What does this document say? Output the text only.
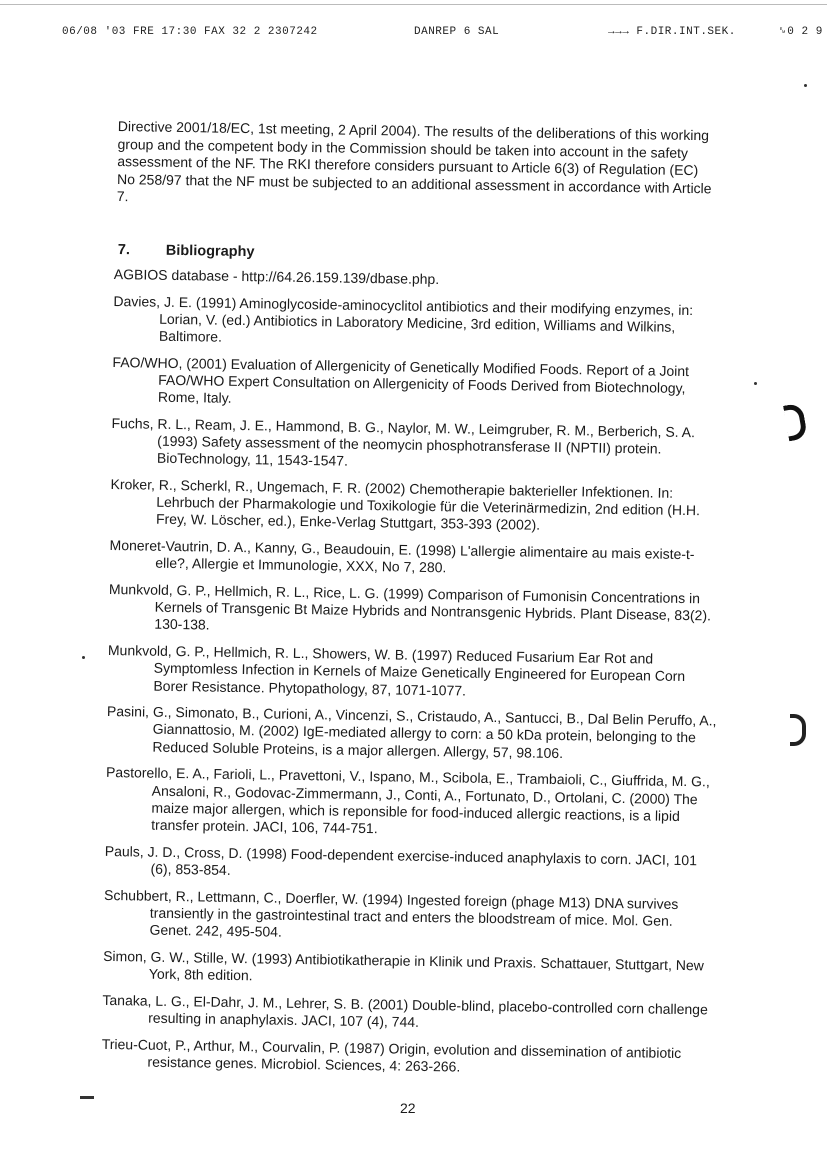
06/08 '03 FRE 17:30 FAX 32 2 2307242	DANREP 6 SAL	→→→ F.DIR.INT.SEK.	␙0 2 9
Directive 2001/18/EC, 1st meeting, 2 April 2004). The results of the deliberations of this working group and the competent body in the Commission should be taken into account in the safety assessment of the NF. The RKI therefore considers pursuant to Article 6(3) of Regulation (EC) No 258/97 that the NF must be subjected to an additional assessment in accordance with Article 7.
7. Bibliography

AGBIOS database - http://64.26.159.139/dbase.php.

Davies, J. E. (1991) Aminoglycoside-aminocyclitol antibiotics and their modifying enzymes, in: Lorian, V. (ed.) Antibiotics in Laboratory Medicine, 3rd edition, Williams and Wilkins, Baltimore.

FAO/WHO, (2001) Evaluation of Allergenicity of Genetically Modified Foods. Report of a Joint FAO/WHO Expert Consultation on Allergenicity of Foods Derived from Biotechnology, Rome, Italy.

Fuchs, R. L., Ream, J. E., Hammond, B. G., Naylor, M. W., Leimgruber, R. M., Berberich, S. A. (1993) Safety assessment of the neomycin phosphotransferase II (NPTII) protein. BioTechnology, 11, 1543-1547.

Kroker, R., Scherkl, R., Ungemach, F. R. (2002) Chemotherapie bakterieller Infektionen. In: Lehrbuch der Pharmakologie und Toxikologie für die Veterinärmedizin, 2nd edition (H.H. Frey, W. Löscher, ed.), Enke-Verlag Stuttgart, 353-393 (2002).

Moneret-Vautrin, D. A., Kanny, G., Beaudouin, E. (1998) L'allergie alimentaire au mais existe-t-elle?, Allergie et Immunologie, XXX, No 7, 280.

Munkvold, G. P., Hellmich, R. L., Rice, L. G. (1999) Comparison of Fumonisin Concentrations in Kernels of Transgenic Bt Maize Hybrids and Nontransgenic Hybrids. Plant Disease, 83(2). 130-138.

Munkvold, G. P., Hellmich, R. L., Showers, W. B. (1997) Reduced Fusarium Ear Rot and Symptomless Infection in Kernels of Maize Genetically Engineered for European Corn Borer Resistance. Phytopathology, 87, 1071-1077.

Pasini, G., Simonato, B., Curioni, A., Vincenzi, S., Cristaudo, A., Santucci, B., Dal Belin Peruffo, A., Giannattosio, M. (2002) IgE-mediated allergy to corn: a 50 kDa protein, belonging to the Reduced Soluble Proteins, is a major allergen. Allergy, 57, 98.106.

Pastorello, E. A., Farioli, L., Pravettoni, V., Ispano, M., Scibola, E., Trambaioli, C., Giuffrida, M. G., Ansaloni, R., Godovac-Zimmermann, J., Conti, A., Fortunato, D., Ortolani, C. (2000) The maize major allergen, which is reponsible for food-induced allergic reactions, is a lipid transfer protein. JACI, 106, 744-751.

Pauls, J. D., Cross, D. (1998) Food-dependent exercise-induced anaphylaxis to corn. JACI, 101 (6), 853-854.

Schubbert, R., Lettmann, C., Doerfler, W. (1994) Ingested foreign (phage M13) DNA survives transiently in the gastrointestinal tract and enters the bloodstream of mice. Mol. Gen. Genet. 242, 495-504.

Simon, G. W., Stille, W. (1993) Antibiotikatherapie in Klinik und Praxis. Schattauer, Stuttgart, New York, 8th edition.

Tanaka, L. G., El-Dahr, J. M., Lehrer, S. B. (2001) Double-blind, placebo-controlled corn challenge resulting in anaphylaxis. JACI, 107 (4), 744.

Trieu-Cuot, P., Arthur, M., Courvalin, P. (1987) Origin, evolution and dissemination of antibiotic resistance genes. Microbiol. Sciences, 4: 263-266.

22
